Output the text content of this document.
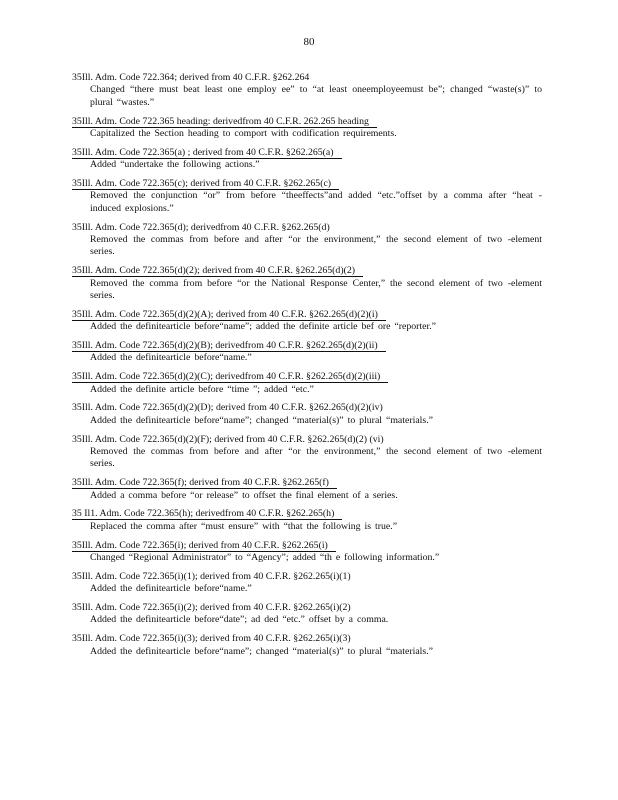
80
35Ill. Adm. Code 722.364; derived from 40 C.F.R. §262.264
Changed “there must beat least one employ ee” to “at least oneemployeemust be”; changed “waste(s)” to plural “wastes.”
35Ill. Adm. Code 722.365 heading: derivedfrom 40 C.F.R. 262.265 heading
Capitalized the Section heading to comport with codification requirements.
35Ill. Adm. Code 722.365(a) ; derived from 40 C.F.R. §262.265(a)
Added “undertake the following actions.”
35Ill. Adm. Code 722.365(c); derived from 40 C.F.R. §262.265(c)
Removed the conjunction “or” from before “theeffects”and added “etc.”offset by a comma after “heat -induced explosions.”
35Ill. Adm. Code 722.365(d); derivedfrom 40 C.F.R. §262.265(d)
Removed the commas from before and after “or the environment,” the second element of two -element series.
35Ill. Adm. Code 722.365(d)(2); derived from 40 C.F.R. §262.265(d)(2)
Removed the comma from before “or the National Response Center,” the second element of two -element series.
35Ill. Adm. Code 722.365(d)(2)(A); derived from 40 C.F.R. §262.265(d)(2)(i)
Added the definitearticle before“name”; added the definite article bef ore “reporter.”
35Ill. Adm. Code 722.365(d)(2)(B); derivedfrom 40 C.F.R. §262.265(d)(2)(ii)
Added the definitearticle before“name.”
35Ill. Adm. Code 722.365(d)(2)(C); derivedfrom 40 C.F.R. §262.265(d)(2)(iii)
Added the definite article before “time ”; added “etc.”
35Ill. Adm. Code 722.365(d)(2)(D); derived from 40 C.F.R. §262.265(d)(2)(iv)
Added the definitearticle before“name”; changed “material(s)” to plural “materials.”
35Ill. Adm. Code 722.365(d)(2)(F); derived from 40 C.F.R. §262.265(d)(2) (vi)
Removed the commas from before and after “or the environment,” the second element of two -element series.
35Ill. Adm. Code 722.365(f); derived from 40 C.F.R. §262.265(f)
Added a comma before “or release” to offset the final element of a series.
35 Il1. Adm. Code 722.365(h); derivedfrom 40 C.F.R. §262.265(h)
Replaced the comma after “must ensure” with “that the following is true.”
35Ill. Adm. Code 722.365(i); derived from 40 C.F.R. §262.265(i)
Changed “Regional Administrator” to “Agency”; added “th e following information.”
35Ill. Adm. Code 722.365(i)(1); derived from 40 C.F.R. §262.265(i)(1)
Added the definitearticle before“name.”
35Ill. Adm. Code 722.365(i)(2); derived from 40 C.F.R. §262.265(i)(2)
Added the definitearticle before“date”; ad ded “etc.” offset by a comma.
35Ill. Adm. Code 722.365(i)(3); derived from 40 C.F.R. §262.265(i)(3)
Added the definitearticle before“name”; changed “material(s)” to plural “materials.”
